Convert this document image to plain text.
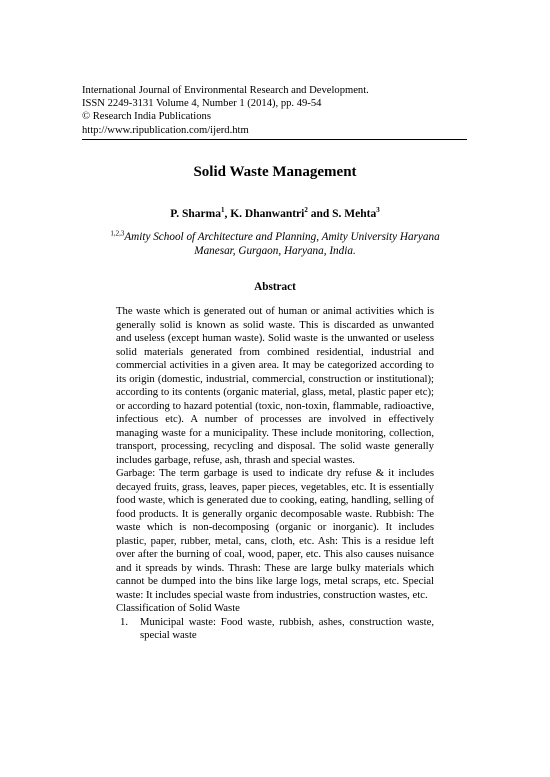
International Journal of Environmental Research and Development.
ISSN 2249-3131 Volume 4, Number 1 (2014), pp. 49-54
© Research India Publications
http://www.ripublication.com/ijerd.htm
Solid Waste Management
P. Sharma$^1$, K. Dhanwantri$^2$ and S. Mehta$^3$
$^{1,2,3}$Amity School of Architecture and Planning, Amity University Haryana
Manesar, Gurgaon, Haryana, India.
Abstract

The waste which is generated out of human or animal activities which is generally solid is known as solid waste. This is discarded as unwanted and useless (except human waste). Solid waste is the unwanted or useless solid materials generated from combined residential, industrial and commercial activities in a given area. It may be categorized according to its origin (domestic, industrial, commercial, construction or institutional); according to its contents (organic material, glass, metal, plastic paper etc); or according to hazard potential (toxic, non-toxin, flammable, radioactive, infectious etc). A number of processes are involved in effectively managing waste for a municipality. These include monitoring, collection, transport, processing, recycling and disposal. The solid waste generally includes garbage, refuse, ash, thrash and special wastes.

Garbage: The term garbage is used to indicate dry refuse & it includes decayed fruits, grass, leaves, paper pieces, vegetables, etc. It is essentially food waste, which is generated due to cooking, eating, handling, selling of food products. It is generally organic decomposable waste. Rubbish: The waste which is non-decomposing (organic or inorganic). It includes plastic, paper, rubber, metal, cans, cloth, etc. Ash: This is a residue left over after the burning of coal, wood, paper, etc. This also causes nuisance and it spreads by winds. Thrash: These are large bulky materials which cannot be dumped into the bins like large logs, metal scraps, etc. Special waste: It includes special waste from industries, construction wastes, etc.

Classification of Solid Waste

1. Municipal waste: Food waste, rubbish, ashes, construction waste, special waste
